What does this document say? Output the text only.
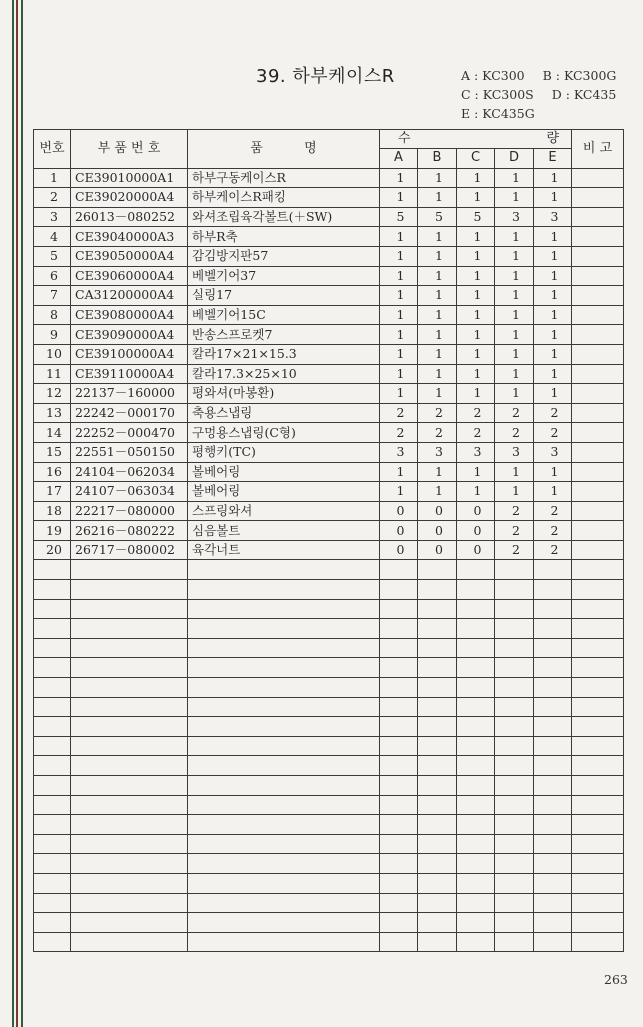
39. 하부케이스R	A : KC300 B : KC300G
C : KC300S D : KC435
E : KC435G
번호	부 품 번 호	품          명	수 량					비 고
			A	B	C	D	E	
1	CE39010000A1	하부구동케이스R	1	1	1	1	1	
2	CE39020000A4	하부케이스R패킹	1	1	1	1	1	
3	26013－080252	와셔조립육각볼트(＋SW)	5	5	5	3	3	
4	CE39040000A3	하부R축	1	1	1	1	1	
5	CE39050000A4	감김방지판57	1	1	1	1	1	
6	CE39060000A4	베벨기어37	1	1	1	1	1	
7	CA31200000A4	실링17	1	1	1	1	1	
8	CE39080000A4	베벨기어15C	1	1	1	1	1	
9	CE39090000A4	반송스프로켓7	1	1	1	1	1	
10	CE39100000A4	칼라17×21×15.3	1	1	1	1	1	
11	CE39110000A4	칼라17.3×25×10	1	1	1	1	1	
12	22137－160000	평와셔(마봉환)	1	1	1	1	1	
13	22242－000170	축용스냅링	2	2	2	2	2	
14	22252－000470	구멍용스냅링(C형)	2	2	2	2	2	
15	22551－050150	평행키(TC)	3	3	3	3	3	
16	24104－062034	볼베어링	1	1	1	1	1	
17	24107－063034	볼베어링	1	1	1	1	1	
18	22217－080000	스프링와셔	0	0	0	2	2	
19	26216－080222	심음볼트	0	0	0	2	2	
20	26717－080002	육각너트	0	0	0	2	2	

263
